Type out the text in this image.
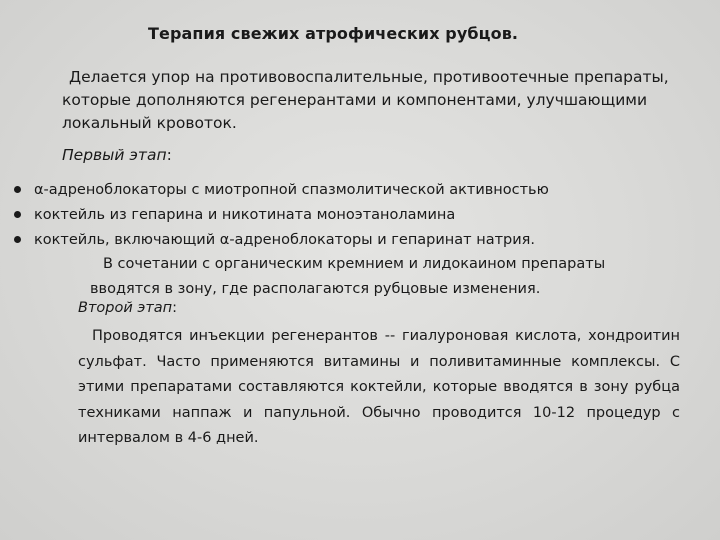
Терапия свежих атрофических рубцов.
Делается упор на противовоспалительные, противоотечные препараты,
которые дополняются регенерантами и компонентами, улучшающими
локальный кровоток.
Первый этап:
α-адреноблокаторы с миотропной спазмолитической активностью
коктейль из гепарина и никотината моноэтаноламина
коктейль, включающий α-адреноблокаторы и гепаринат натрия.
В сочетании с органическим кремнием и лидокаином препараты
вводятся в зону, где располагаются рубцовые изменения.
Второй этап:
Проводятся инъекции регенерантов -- гиалуроновая кислота, хондроитин
сульфат. Часто применяются витамины и поливитаминные комплексы. С
этими препаратами составляются коктейли, которые вводятся в зону рубца
техниками наппаж и папульной. Обычно проводится 10-12 процедур с
интервалом в 4-6 дней.
